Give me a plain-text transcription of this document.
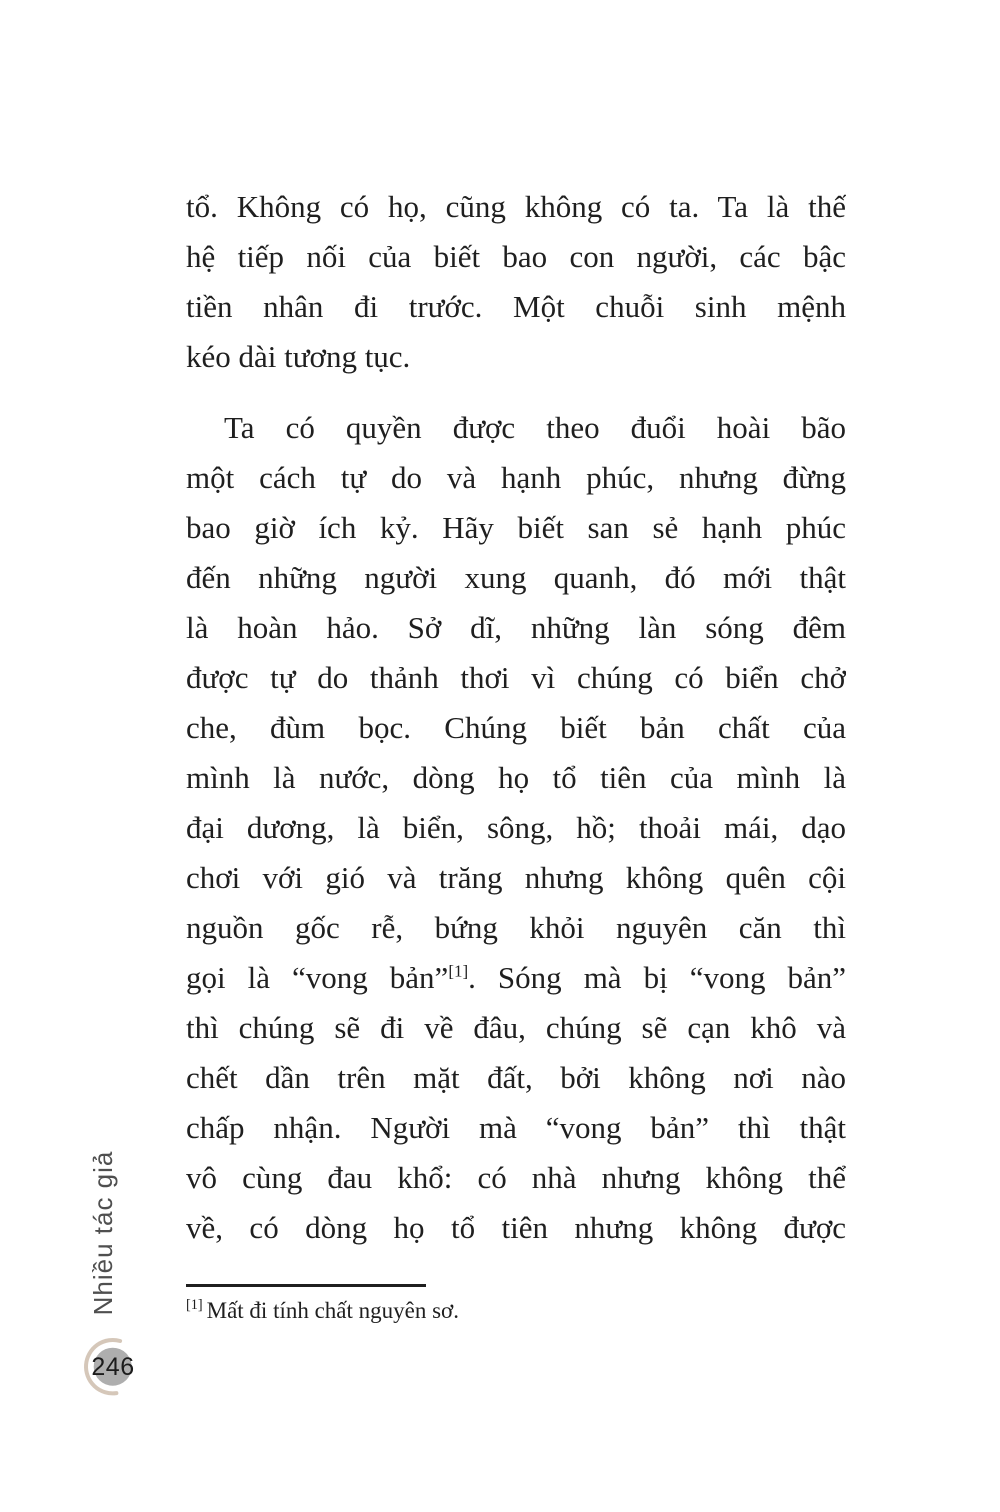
tổ. Không có họ, cũng không có ta. Ta là thế
hệ tiếp nối của biết bao con người, các bậc
tiền nhân đi trước. Một chuỗi sinh mệnh
kéo dài tương tục.
Ta có quyền được theo đuổi hoài bão
một cách tự do và hạnh phúc, nhưng đừng
bao giờ ích kỷ. Hãy biết san sẻ hạnh phúc
đến những người xung quanh, đó mới thật
là hoàn hảo. Sở dĩ, những làn sóng đêm
được tự do thảnh thơi vì chúng có biển chở
che, đùm bọc. Chúng biết bản chất của
mình là nước, dòng họ tổ tiên của mình là
đại dương, là biển, sông, hồ; thoải mái, dạo
chơi với gió và trăng nhưng không quên cội
nguồn gốc rễ, bứng khỏi nguyên căn thì
gọi là “vong bản”[1]. Sóng mà bị “vong bản”
thì chúng sẽ đi về đâu, chúng sẽ cạn khô và
chết dần trên mặt đất, bởi không nơi nào
chấp nhận. Người mà “vong bản” thì thật
vô cùng đau khổ: có nhà nhưng không thể
về, có dòng họ tổ tiên nhưng không được
[1] Mất đi tính chất nguyên sơ.
Nhiều tác giả
246
